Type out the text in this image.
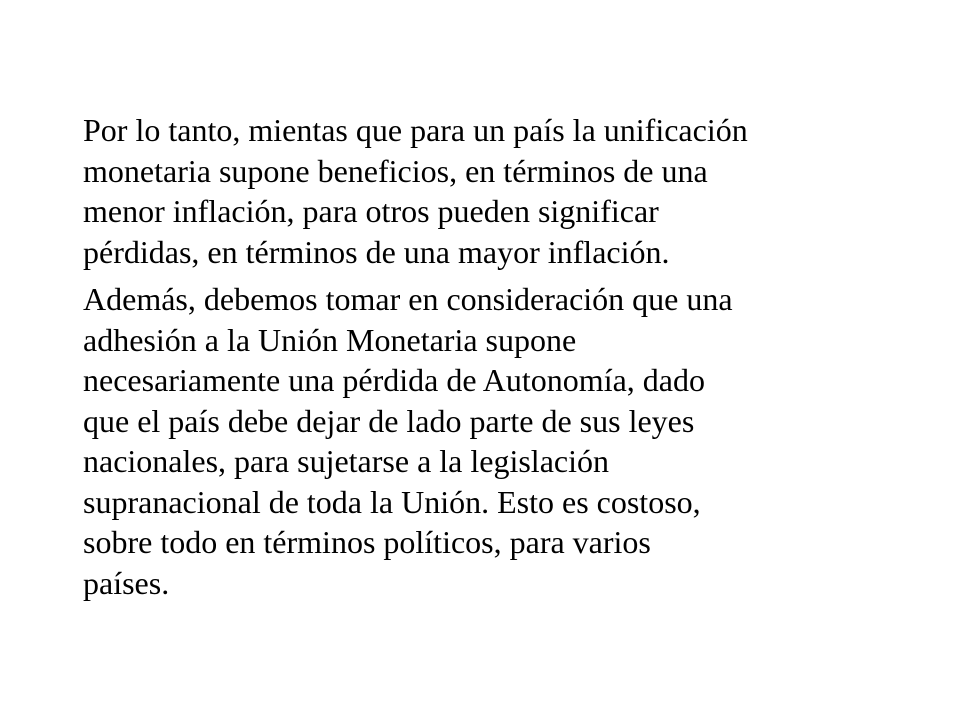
Por lo tanto, mientas que para un país la unificación
monetaria supone beneficios, en términos de una
menor inflación, para otros pueden significar
pérdidas, en términos de una mayor inflación.

Además, debemos tomar en consideración que una
adhesión a la Unión Monetaria supone
necesariamente una pérdida de Autonomía, dado
que el país debe dejar de lado parte de sus leyes
nacionales, para sujetarse a la legislación
supranacional de toda la Unión. Esto es costoso,
sobre todo en términos políticos, para varios
países.
